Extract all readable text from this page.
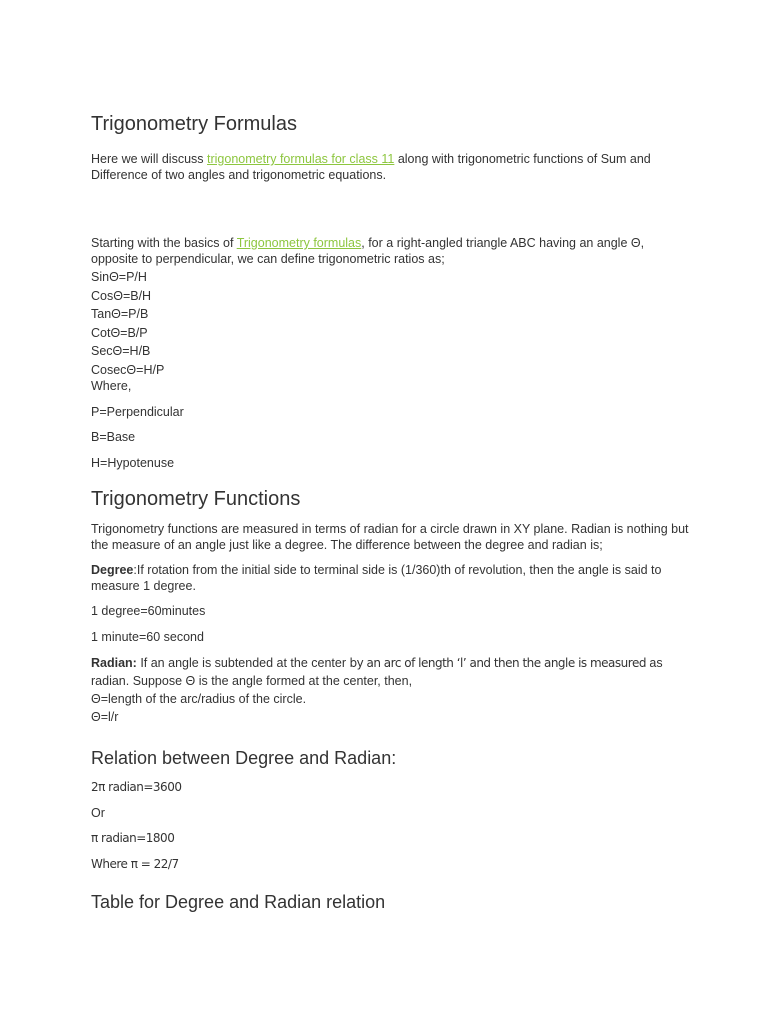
Trigonometry Formulas

Here we will discuss trigonometry formulas for class 11 along with trigonometric functions of Sum and Difference of two angles and trigonometric equations.

Starting with the basics of Trigonometry formulas, for a right-angled triangle ABC having an angle Θ, opposite to perpendicular, we can define trigonometric ratios as;

SinΘ=P/H
CosΘ=B/H
TanΘ=P/B
CotΘ=B/P
SecΘ=H/B
CosecΘ=H/P

Where,

P=Perpendicular

B=Base

H=Hypotenuse

Trigonometry Functions

Trigonometry functions are measured in terms of radian for a circle drawn in XY plane. Radian is nothing but the measure of an angle just like a degree. The difference between the degree and radian is;

Degree:If rotation from the initial side to terminal side is (1/360)th of revolution, then the angle is said to measure 1 degree.

1 degree=60minutes

1 minute=60 second

Radian: If an angle is subtended at the center by an arc of length ‘l’ and then the angle is measured as radian. Suppose Θ is the angle formed at the center, then,

Θ=length of the arc/radius of the circle.
Θ=l/r
Relation between Degree and Radian:

2π radian=3600

Or

π radian=1800

Where π = 22/7

Table for Degree and Radian relation
